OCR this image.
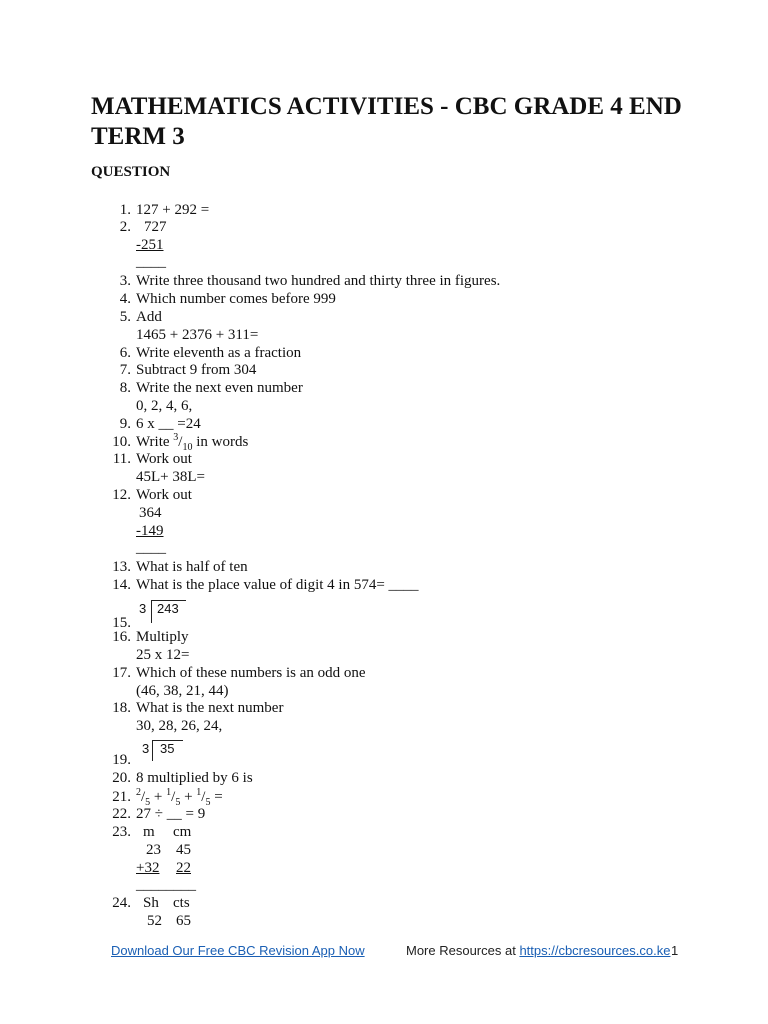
MATHEMATICS ACTIVITIES - CBC GRADE 4 END TERM 3
QUESTION
1. 127 + 292 =
2. 727
-251
____
3. Write three thousand two hundred and thirty three in figures.
4. Which number comes before 999
5. Add
1465 + 2376 + 311=
6. Write eleventh as a fraction
7. Subtract 9 from 304
8. Write the next even number
0, 2, 4, 6,
9. 6 x __ =24
10. Write $^3/_{10}$ in words
11. Work out
45L+ 38L=
12. Work out
364
-149
____
13. What is half of ten
14. What is the place value of digit 4 in 574= ____
15.
3 243
16. Multiply
25 x 12=
17. Which of these numbers is an odd one
(46, 38, 21, 44)
18. What is the next number
30, 28, 26, 24,
19.
3 35
20. 8 multiplied by 6 is
21. $^2/_5 + ^1/_5 + ^1/_5$ =
22. 27 ÷ __ = 9
23. m cm
23 45
+32 22
________
24. Sh cts
52 65
Download Our Free CBC Revision App Now	More Resources at https://cbcresources.co.ke 1
